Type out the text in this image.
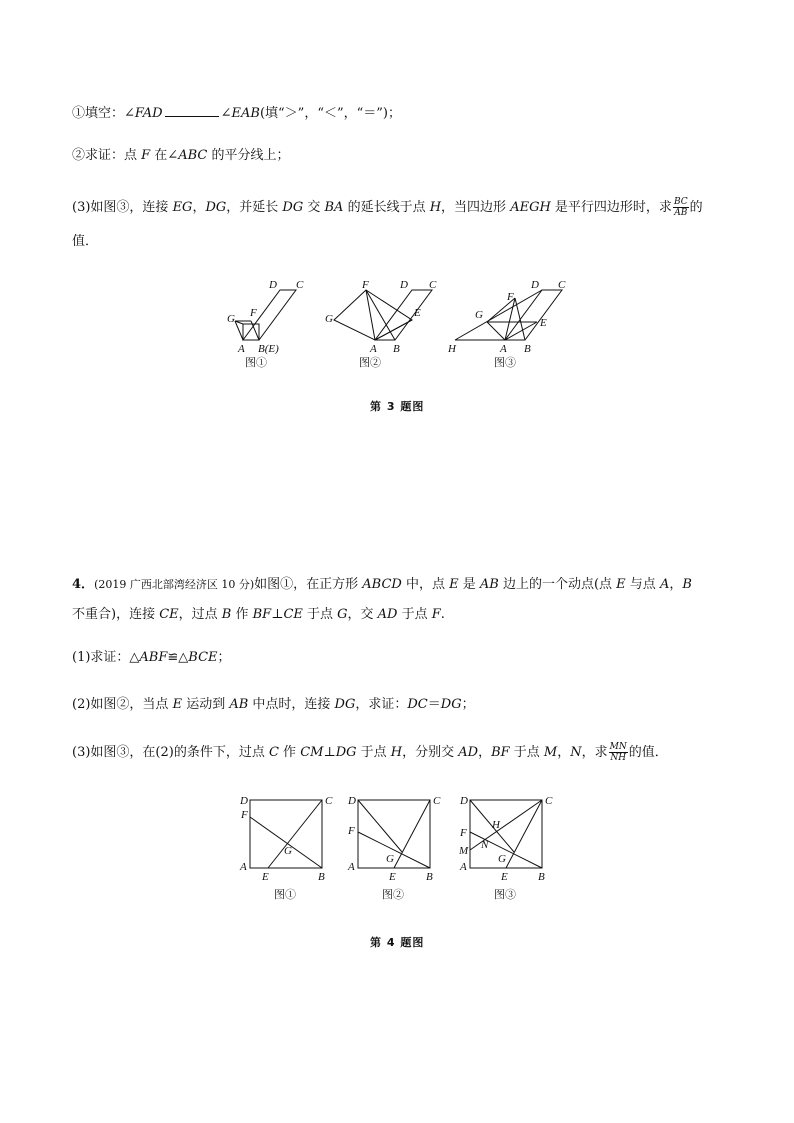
①填空：∠FAD	∠EAB(填“＞”，“＜”，“＝”)；
②求证：点 F 在∠ABC 的平分线上；
(3)如图③，连接 EG，DG，并延长 DG 交 BA 的延长线于点 H，当四边形 AEGH 是平行四边形时，求 $\frac{BC}{AB}$ 的
值．
G F
D C
A B(E)
图①
G
F	D C
E
A B
图②
G
F
D C
E
H	A B
图③
第 3 题图
4．(2019 广西北部湾经济区 10 分)如图①，在正方形 ABCD 中，点 E 是 AB 边上的一个动点(点 E 与点 A，B
不重合)，连接 CE，过点 B 作 BF⊥CE 于点 G，交 AD 于点 F.
(1)求证：△ABF≌△BCE；
(2)如图②，当点 E 运动到 AB 中点时，连接 DG，求证：DC＝DG；
(3)如图③，在(2)的条件下，过点 C 作 CM⊥DG 于点 H，分别交 AD，BF 于点 M，N，求 $\frac{MN}{NH}$ 的值．
D	C
F
G
A
E	B
图①
D	C
F
G
A
E	B
图②
D	C
H
F
N
M
G
A
E	B
图③
第 4 题图
